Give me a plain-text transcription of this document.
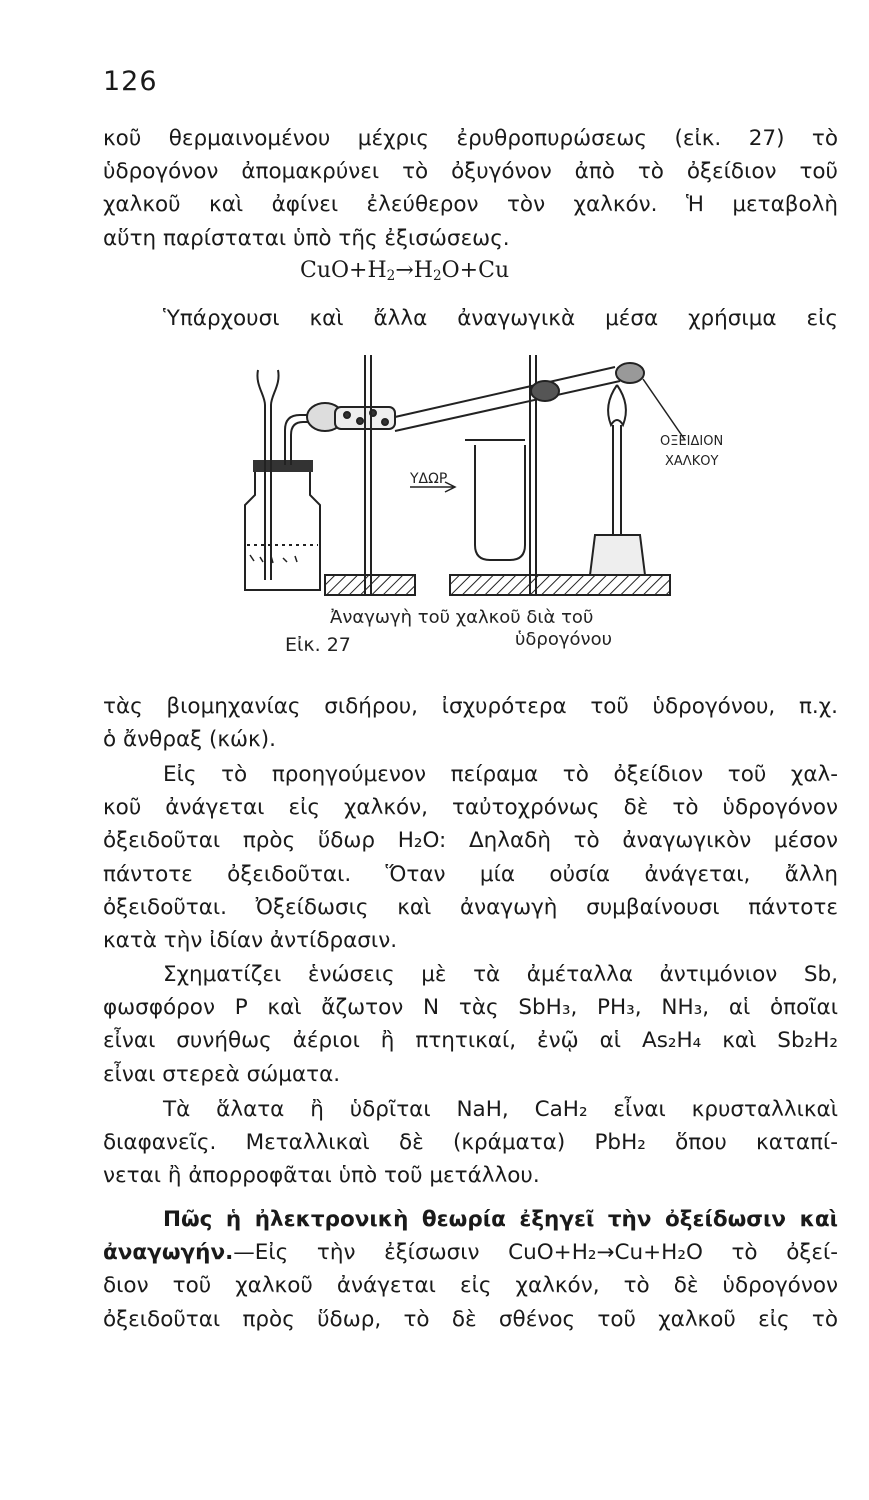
126
κοῦ θερμαινομένου μέχρις ἐρυθροπυρώσεως (εἰκ. 27) τὸ
ὑδρογόνον ἀπομακρύνει τὸ ὀξυγόνον ἀπὸ τὸ ὀξείδιον τοῦ
χαλκοῦ καὶ ἀφίνει ἐλεύθερον τὸν χαλκόν. Ἡ μεταβολὴ
αὕτη παρίσταται ὑπὸ τῆς ἐξισώσεως.
$CuO+H_2\to H_2O+Cu$
Ὑπάρχουσι καὶ ἄλλα ἀναγωγικὰ μέσα χρήσιμα εἰς
ΟΞΕΙΔΙΟΝ
ΧΑΛΚΟΥ
ΥΔΩΡ
Ἀναγωγὴ τοῦ χαλκοῦ διὰ τοῦ
Εἰκ. 27	ὑδρογόνου
τὰς βιομηχανίας σιδήρου, ἰσχυρότερα τοῦ ὑδρογόνου, π.χ.
ὁ ἄνθραξ (κώκ).
Εἰς τὸ προηγούμενον πείραμα τὸ ὀξείδιον τοῦ χαλ-
κοῦ ἀνάγεται εἰς χαλκόν, ταὐτοχρόνως δὲ τὸ ὑδρογόνον
ὀξειδοῦται πρὸς ὕδωρ H₂O: Δηλαδὴ τὸ ἀναγωγικὸν μέσον
πάντοτε ὀξειδοῦται. Ὅταν μία οὐσία ἀνάγεται, ἄλλη
ὀξειδοῦται. Ὀξείδωσις καὶ ἀναγωγὴ συμβαίνουσι πάντοτε
κατὰ τὴν ἰδίαν ἀντίδρασιν.
Σχηματίζει ἑνώσεις μὲ τὰ ἀμέταλλα ἀντιμόνιον Sb,
φωσφόρον P καὶ ἄζωτον N τὰς SbH₃, PH₃, NH₃, αἱ ὁποῖαι
εἶναι συνήθως ἀέριοι ἢ πτητικαί, ἐνῷ αἱ As₂H₄ καὶ Sb₂H₂
εἶναι στερεὰ σώματα.
Τὰ ἅλατα ἢ ὑδρῖται NaH, CaH₂ εἶναι κρυσταλλικαὶ
διαφανεῖς. Μεταλλικαὶ δὲ (κράματα) PbH₂ ὅπου καταπί-
νεται ἢ ἀπορροφᾶται ὑπὸ τοῦ μετάλλου.
Πῶς ἡ ἠλεκτρονικὴ θεωρία ἐξηγεῖ τὴν ὀξείδωσιν καὶ
ἀναγωγήν.—Εἰς τὴν ἐξίσωσιν CuO+H₂→Cu+H₂O τὸ ὀξεί-
διον τοῦ χαλκοῦ ἀνάγεται εἰς χαλκόν, τὸ δὲ ὑδρογόνον
ὀξειδοῦται πρὸς ὕδωρ, τὸ δὲ σθένος τοῦ χαλκοῦ εἰς τὸ
